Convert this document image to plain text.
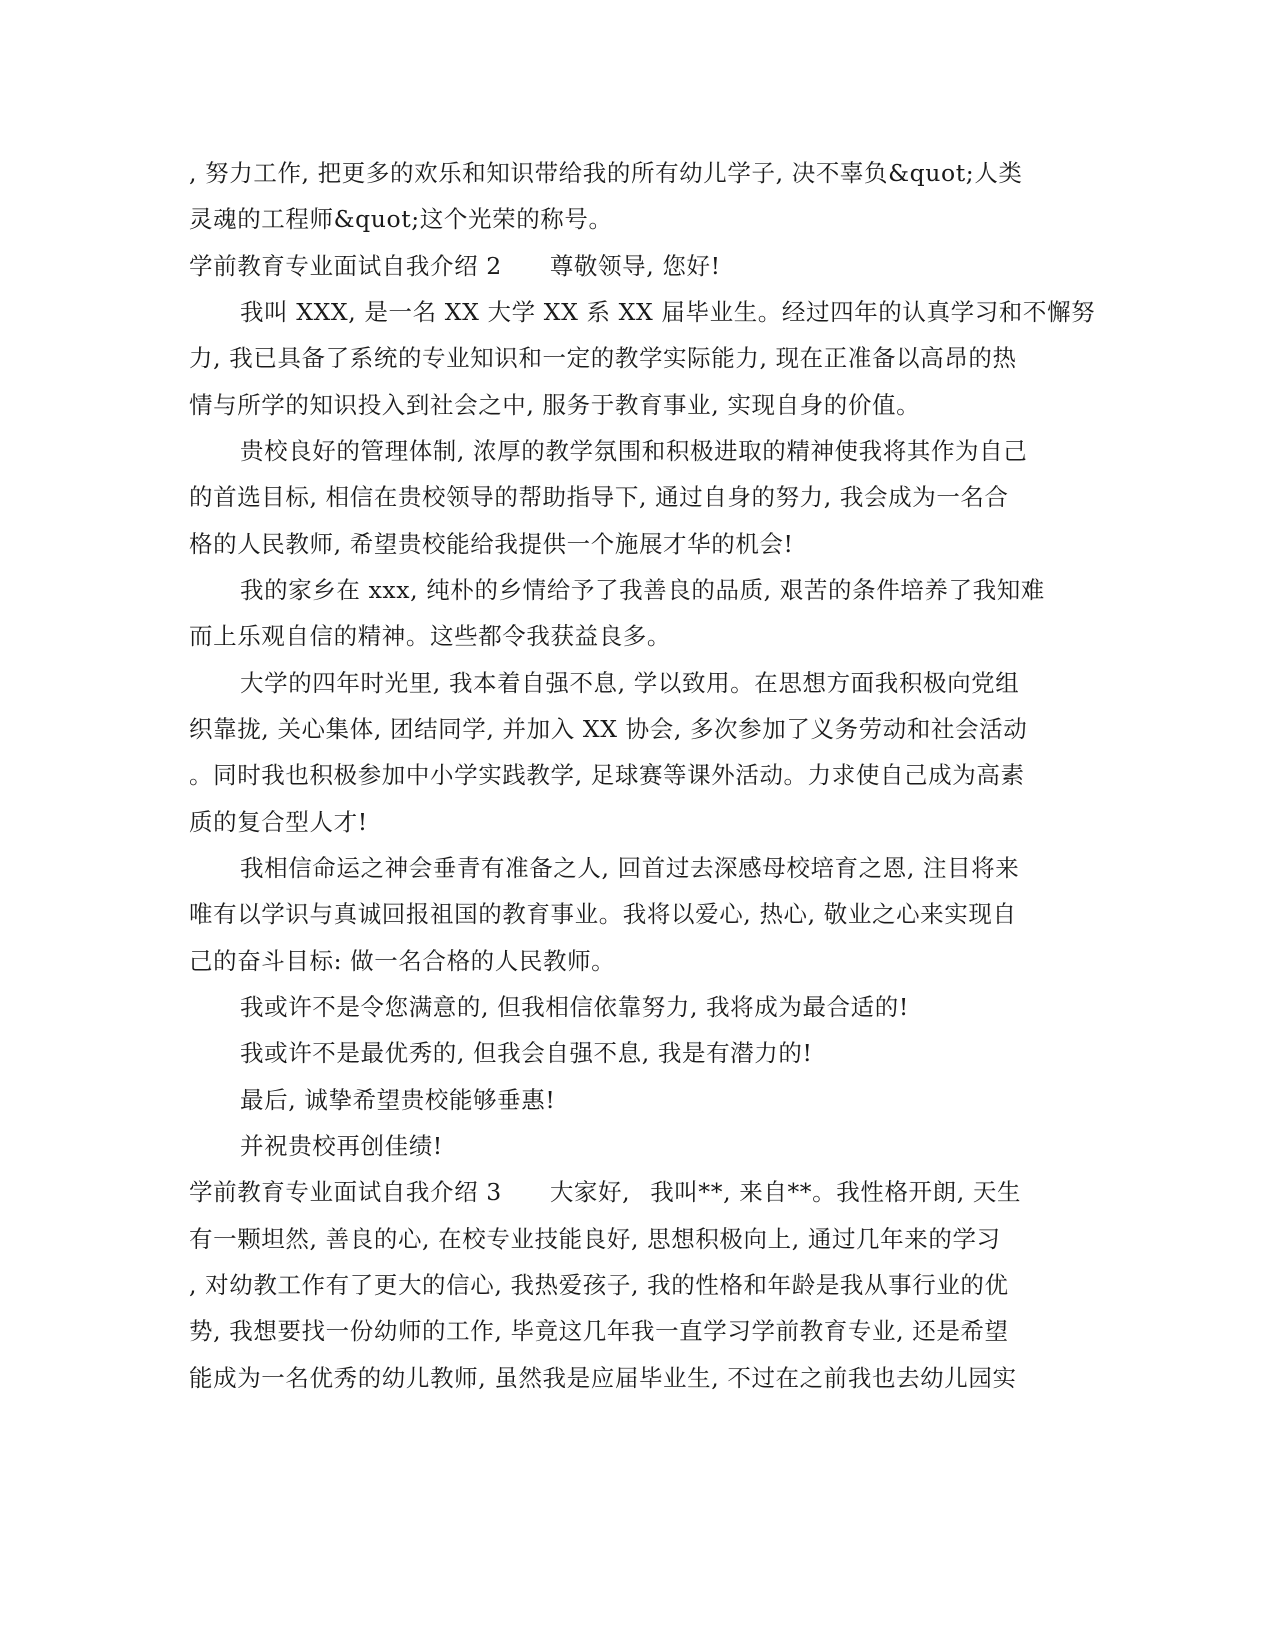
, 努力工作, 把更多的欢乐和知识带给我的所有幼儿学子, 决不辜负&quot;人类
灵魂的工程师&quot;这个光荣的称号。
学前教育专业面试自我介绍 2 尊敬领导, 您好!
我叫 XXX, 是一名 XX 大学 XX 系 XX 届毕业生。经过四年的认真学习和不懈努
力, 我已具备了系统的专业知识和一定的教学实际能力, 现在正准备以高昂的热
情与所学的知识投入到社会之中, 服务于教育事业, 实现自身的价值。
贵校良好的管理体制, 浓厚的教学氛围和积极进取的精神使我将其作为自己
的首选目标, 相信在贵校领导的帮助指导下, 通过自身的努力, 我会成为一名合
格的人民教师, 希望贵校能给我提供一个施展才华的机会!
我的家乡在 xxx, 纯朴的乡情给予了我善良的品质, 艰苦的条件培养了我知难
而上乐观自信的精神。这些都令我获益良多。
大学的四年时光里, 我本着自强不息, 学以致用。在思想方面我积极向党组
织靠拢, 关心集体, 团结同学, 并加入 XX 协会, 多次参加了义务劳动和社会活动
。同时我也积极参加中小学实践教学, 足球赛等课外活动。力求使自己成为高素
质的复合型人才!
我相信命运之神会垂青有准备之人, 回首过去深感母校培育之恩, 注目将来
唯有以学识与真诚回报祖国的教育事业。我将以爱心, 热心, 敬业之心来实现自
己的奋斗目标: 做一名合格的人民教师。
我或许不是令您满意的, 但我相信依靠努力, 我将成为最合适的!
我或许不是最优秀的, 但我会自强不息, 我是有潜力的!
最后, 诚挚希望贵校能够垂惠!
并祝贵校再创佳绩!
学前教育专业面试自我介绍 3 大家好, 我叫**, 来自**。我性格开朗, 天生
有一颗坦然, 善良的心, 在校专业技能良好, 思想积极向上, 通过几年来的学习
, 对幼教工作有了更大的信心, 我热爱孩子, 我的性格和年龄是我从事行业的优
势, 我想要找一份幼师的工作, 毕竟这几年我一直学习学前教育专业, 还是希望
能成为一名优秀的幼儿教师, 虽然我是应届毕业生, 不过在之前我也去幼儿园实
